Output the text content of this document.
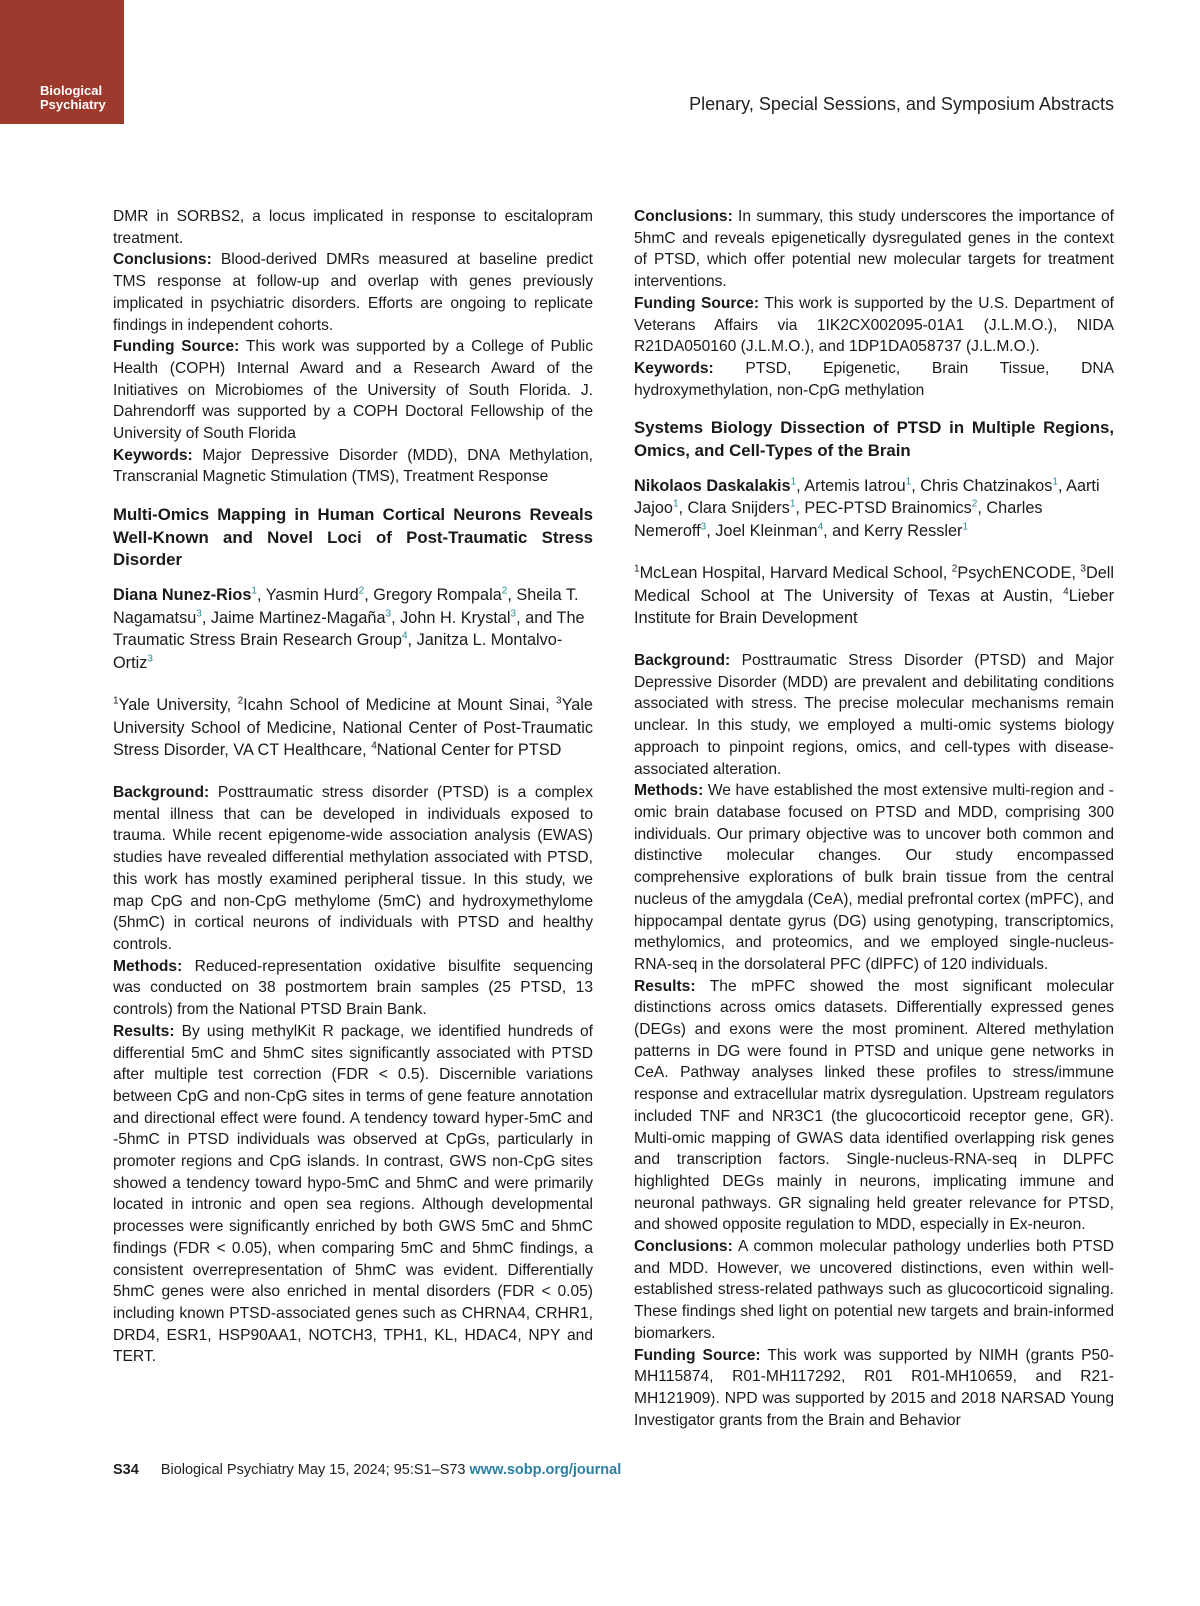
Biological
Psychiatry	Plenary, Special Sessions, and Symposium Abstracts

DMR in SORBS2, a locus implicated in response to escitalopram treatment.

Conclusions: Blood-derived DMRs measured at baseline predict TMS response at follow-up and overlap with genes previously implicated in psychiatric disorders. Efforts are ongoing to replicate findings in independent cohorts.

Funding Source: This work was supported by a College of Public Health (COPH) Internal Award and a Research Award of the Initiatives on Microbiomes of the University of South Florida. J. Dahrendorff was supported by a COPH Doctoral Fellowship of the University of South Florida

Keywords: Major Depressive Disorder (MDD), DNA Methylation, Transcranial Magnetic Stimulation (TMS), Treatment Response

Multi-Omics Mapping in Human Cortical Neurons Reveals Well-Known and Novel Loci of Post-Traumatic Stress Disorder

Diana Nunez-Rios$^1$, Yasmin Hurd$^2$, Gregory Rompala$^2$, Sheila T. Nagamatsu$^3$, Jaime Martinez-Magaña$^3$, John H. Krystal$^3$, and The Traumatic Stress Brain Research Group$^4$, Janitza L. Montalvo-Ortiz$^3$

$^1$Yale University, $^2$Icahn School of Medicine at Mount Sinai, $^3$Yale University School of Medicine, National Center of Post-Traumatic Stress Disorder, VA CT Healthcare, $^4$National Center for PTSD

Background: Posttraumatic stress disorder (PTSD) is a complex mental illness that can be developed in individuals exposed to trauma. While recent epigenome-wide association analysis (EWAS) studies have revealed differential methylation associated with PTSD, this work has mostly examined peripheral tissue. In this study, we map CpG and non-CpG methylome (5mC) and hydroxymethylome (5hmC) in cortical neurons of individuals with PTSD and healthy controls.

Methods: Reduced-representation oxidative bisulfite sequencing was conducted on 38 postmortem brain samples (25 PTSD, 13 controls) from the National PTSD Brain Bank.

Results: By using methylKit R package, we identified hundreds of differential 5mC and 5hmC sites significantly associated with PTSD after multiple test correction (FDR < 0.5). Discernible variations between CpG and non-CpG sites in terms of gene feature annotation and directional effect were found. A tendency toward hyper-5mC and -5hmC in PTSD individuals was observed at CpGs, particularly in promoter regions and CpG islands. In contrast, GWS non-CpG sites showed a tendency toward hypo-5mC and 5hmC and were primarily located in intronic and open sea regions. Although developmental processes were significantly enriched by both GWS 5mC and 5hmC findings (FDR < 0.05), when comparing 5mC and 5hmC findings, a consistent overrepresentation of 5hmC was evident. Differentially 5hmC genes were also enriched in mental disorders (FDR < 0.05) including known PTSD-associated genes such as CHRNA4, CRHR1, DRD4, ESR1, HSP90AA1, NOTCH3, TPH1, KL, HDAC4, NPY and TERT.

Conclusions: In summary, this study underscores the importance of 5hmC and reveals epigenetically dysregulated genes in the context of PTSD, which offer potential new molecular targets for treatment interventions.

Funding Source: This work is supported by the U.S. Department of Veterans Affairs via 1IK2CX002095-01A1 (J.L.M.O.), NIDA R21DA050160 (J.L.M.O.), and 1DP1DA058737 (J.L.M.O.).

Keywords: PTSD, Epigenetic, Brain Tissue, DNA hydroxymethylation, non-CpG methylation

Systems Biology Dissection of PTSD in Multiple Regions, Omics, and Cell-Types of the Brain

Nikolaos Daskalakis$^1$, Artemis Iatrou$^1$, Chris Chatzinakos$^1$, Aarti Jajoo$^1$, Clara Snijders$^1$, PEC-PTSD Brainomics$^2$, Charles Nemeroff$^3$, Joel Kleinman$^4$, and Kerry Ressler$^1$

$^1$McLean Hospital, Harvard Medical School, $^2$PsychENCODE, $^3$Dell Medical School at The University of Texas at Austin, $^4$Lieber Institute for Brain Development

Background: Posttraumatic Stress Disorder (PTSD) and Major Depressive Disorder (MDD) are prevalent and debilitating conditions associated with stress. The precise molecular mechanisms remain unclear. In this study, we employed a multi-omic systems biology approach to pinpoint regions, omics, and cell-types with disease-associated alteration.

Methods: We have established the most extensive multi-region and -omic brain database focused on PTSD and MDD, comprising 300 individuals. Our primary objective was to uncover both common and distinctive molecular changes. Our study encompassed comprehensive explorations of bulk brain tissue from the central nucleus of the amygdala (CeA), medial prefrontal cortex (mPFC), and hippocampal dentate gyrus (DG) using genotyping, transcriptomics, methylomics, and proteomics, and we employed single-nucleus-RNA-seq in the dorsolateral PFC (dlPFC) of 120 individuals.

Results: The mPFC showed the most significant molecular distinctions across omics datasets. Differentially expressed genes (DEGs) and exons were the most prominent. Altered methylation patterns in DG were found in PTSD and unique gene networks in CeA. Pathway analyses linked these profiles to stress/immune response and extracellular matrix dysregulation. Upstream regulators included TNF and NR3C1 (the glucocorticoid receptor gene, GR). Multi-omic mapping of GWAS data identified overlapping risk genes and transcription factors. Single-nucleus-RNA-seq in DLPFC highlighted DEGs mainly in neurons, implicating immune and neuronal pathways. GR signaling held greater relevance for PTSD, and showed opposite regulation to MDD, especially in Ex-neuron.

Conclusions: A common molecular pathology underlies both PTSD and MDD. However, we uncovered distinctions, even within well-established stress-related pathways such as glucocorticoid signaling. These findings shed light on potential new targets and brain-informed biomarkers.

Funding Source: This work was supported by NIMH (grants P50-MH115874, R01-MH117292, R01 R01-MH10659, and R21-MH121909). NPD was supported by 2015 and 2018 NARSAD Young Investigator grants from the Brain and Behavior

S34 Biological Psychiatry May 15, 2024; 95:S1–S73 www.sobp.org/journal
